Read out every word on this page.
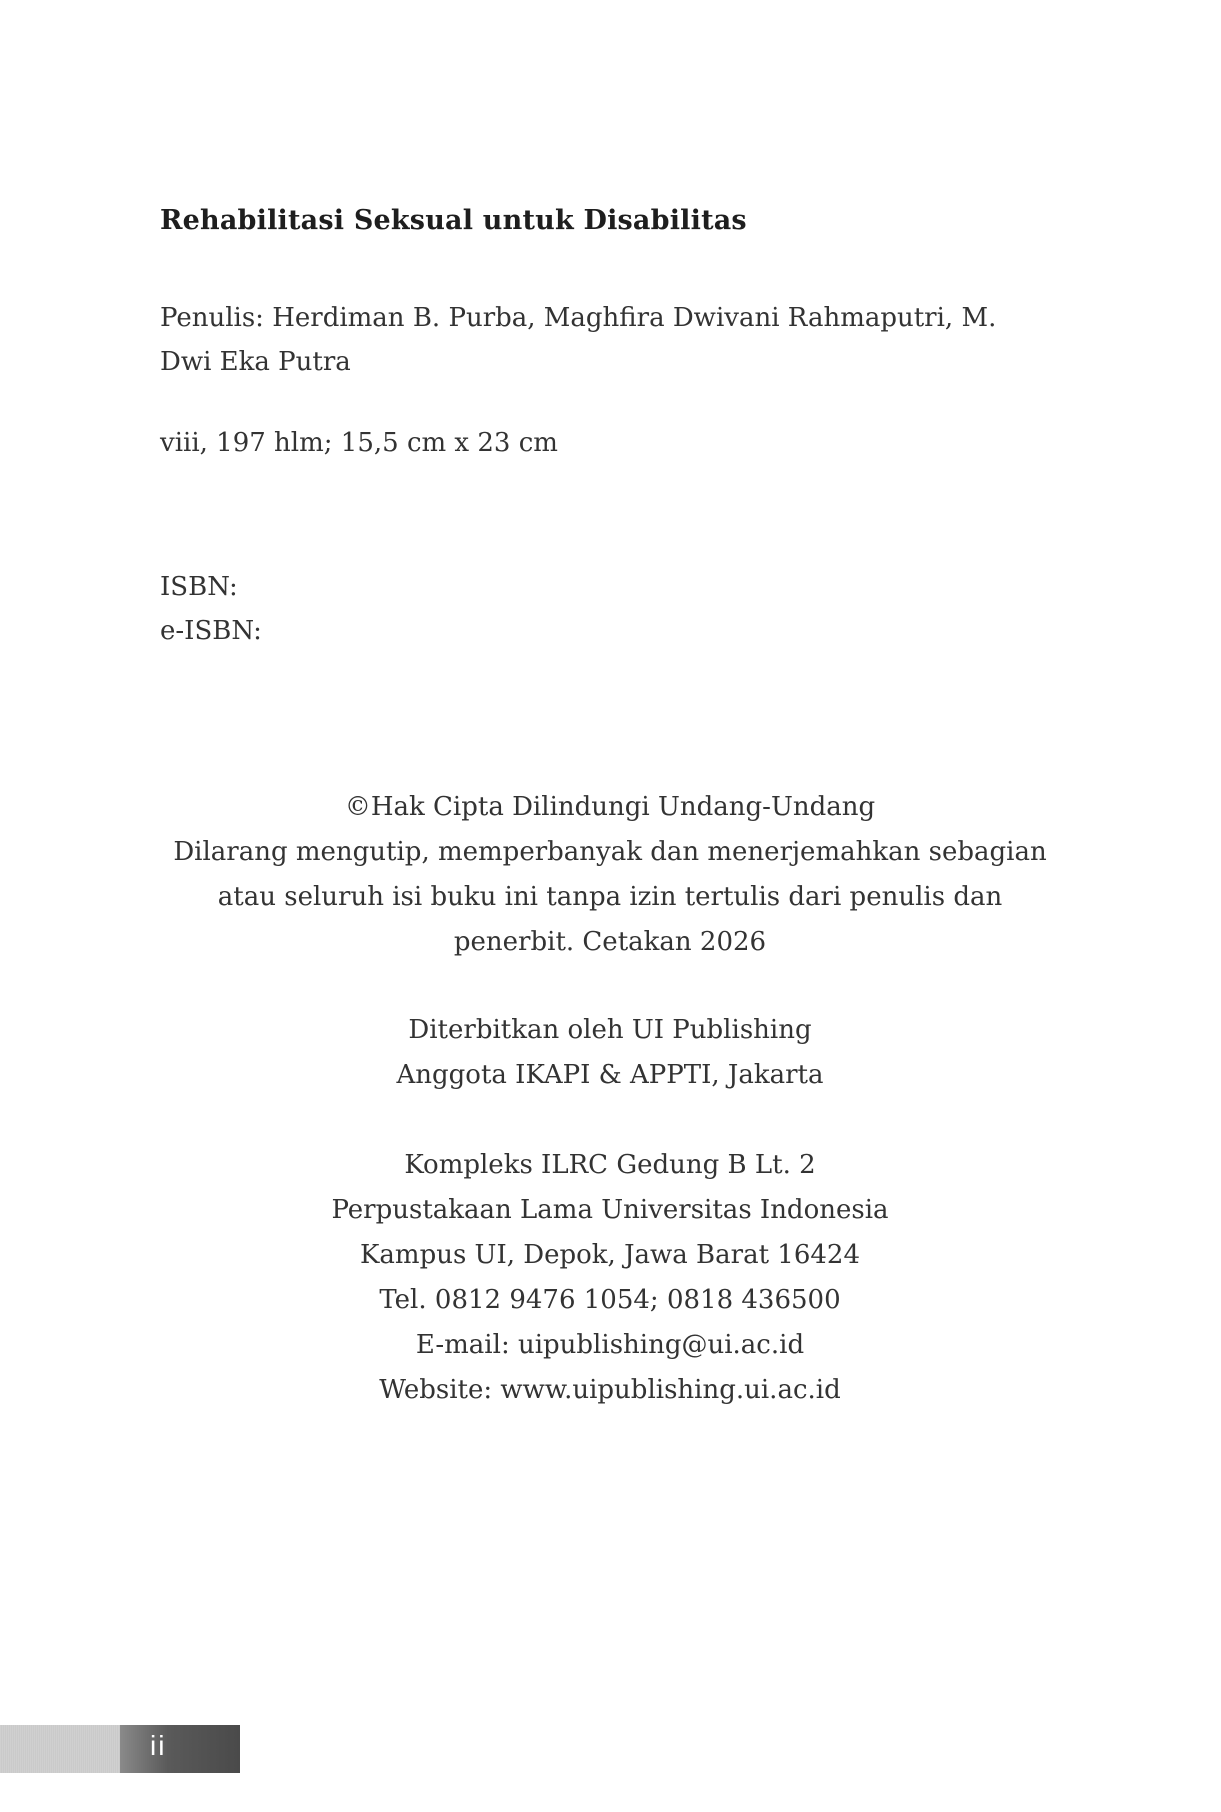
Rehabilitasi Seksual untuk Disabilitas
Penulis: Herdiman B. Purba, Maghfira Dwivani Rahmaputri, M.
Dwi Eka Putra
viii, 197 hlm; 15,5 cm x 23 cm
ISBN:
e-ISBN:
©Hak Cipta Dilindungi Undang-Undang
Dilarang mengutip, memperbanyak dan menerjemahkan sebagian
atau seluruh isi buku ini tanpa izin tertulis dari penulis dan
penerbit. Cetakan 2026
Diterbitkan oleh UI Publishing
Anggota IKAPI & APPTI, Jakarta
Kompleks ILRC Gedung B Lt. 2
Perpustakaan Lama Universitas Indonesia
Kampus UI, Depok, Jawa Barat 16424
Tel. 0812 9476 1054; 0818 436500
E-mail: uipublishing@ui.ac.id
Website: www.uipublishing.ui.ac.id
ii
